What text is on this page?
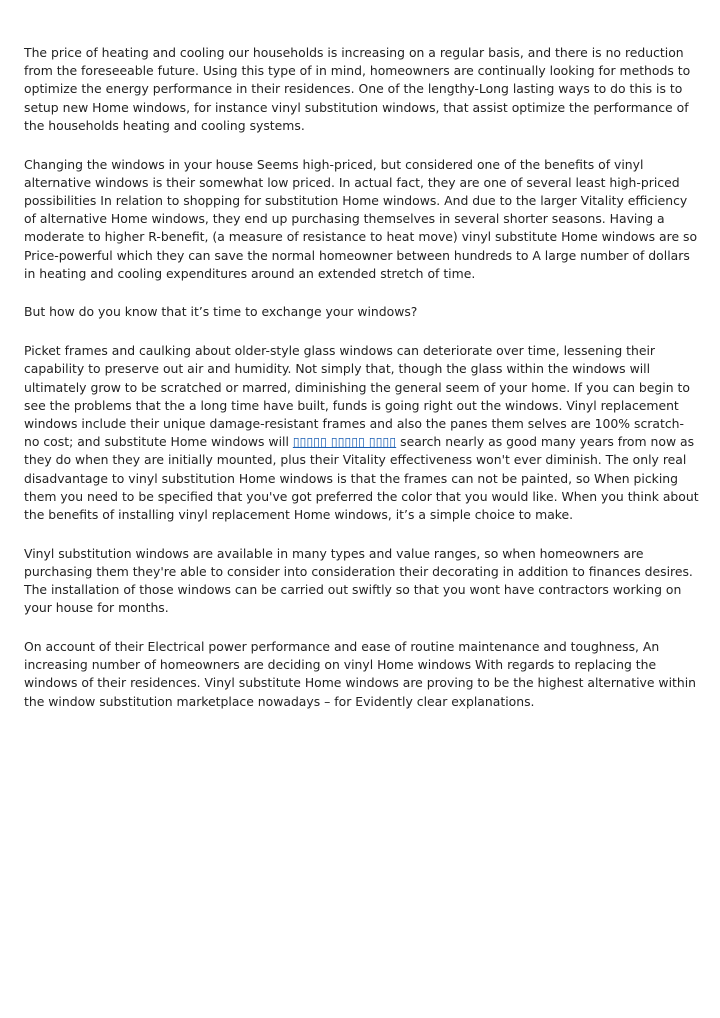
The price of heating and cooling our households is increasing on a regular basis, and there is no reduction from the foreseeable future. Using this type of in mind, homeowners are continually looking for methods to optimize the energy performance in their residences. One of the lengthy-Long lasting ways to do this is to setup new Home windows, for instance vinyl substitution windows, that assist optimize the performance of the households heating and cooling systems.

Changing the windows in your house Seems high-priced, but considered one of the benefits of vinyl alternative windows is their somewhat low priced. In actual fact, they are one of several least high-priced possibilities In relation to shopping for substitution Home windows. And due to the larger Vitality efficiency of alternative Home windows, they end up purchasing themselves in several shorter seasons. Having a moderate to higher R-benefit, (a measure of resistance to heat move) vinyl substitute Home windows are so Price-powerful which they can save the normal homeowner between hundreds to A large number of dollars in heating and cooling expenditures around an extended stretch of time.

But how do you know that it’s time to exchange your windows?

Picket frames and caulking about older-style glass windows can deteriorate over time, lessening their capability to preserve out air and humidity. Not simply that, though the glass within the windows will ultimately grow to be scratched or marred, diminishing the general seem of your home. If you can begin to see the problems that the a long time have built, funds is going right out the windows. Vinyl replacement windows include their unique damage-resistant frames and also the panes them selves are 100% scratch-no cost; and substitute Home windows will ▯▯▯▯▯ ▯▯▯▯▯ ▯▯▯▯ search nearly as good many years from now as they do when they are initially mounted, plus their Vitality effectiveness won't ever diminish. The only real disadvantage to vinyl substitution Home windows is that the frames can not be painted, so When picking them you need to be specified that you've got preferred the color that you would like. When you think about the benefits of installing vinyl replacement Home windows, it’s a simple choice to make.

Vinyl substitution windows are available in many types and value ranges, so when homeowners are purchasing them they're able to consider into consideration their decorating in addition to finances desires. The installation of those windows can be carried out swiftly so that you wont have contractors working on your house for months.

On account of their Electrical power performance and ease of routine maintenance and toughness, An increasing number of homeowners are deciding on vinyl Home windows With regards to replacing the windows of their residences. Vinyl substitute Home windows are proving to be the highest alternative within the window substitution marketplace nowadays – for Evidently clear explanations.
